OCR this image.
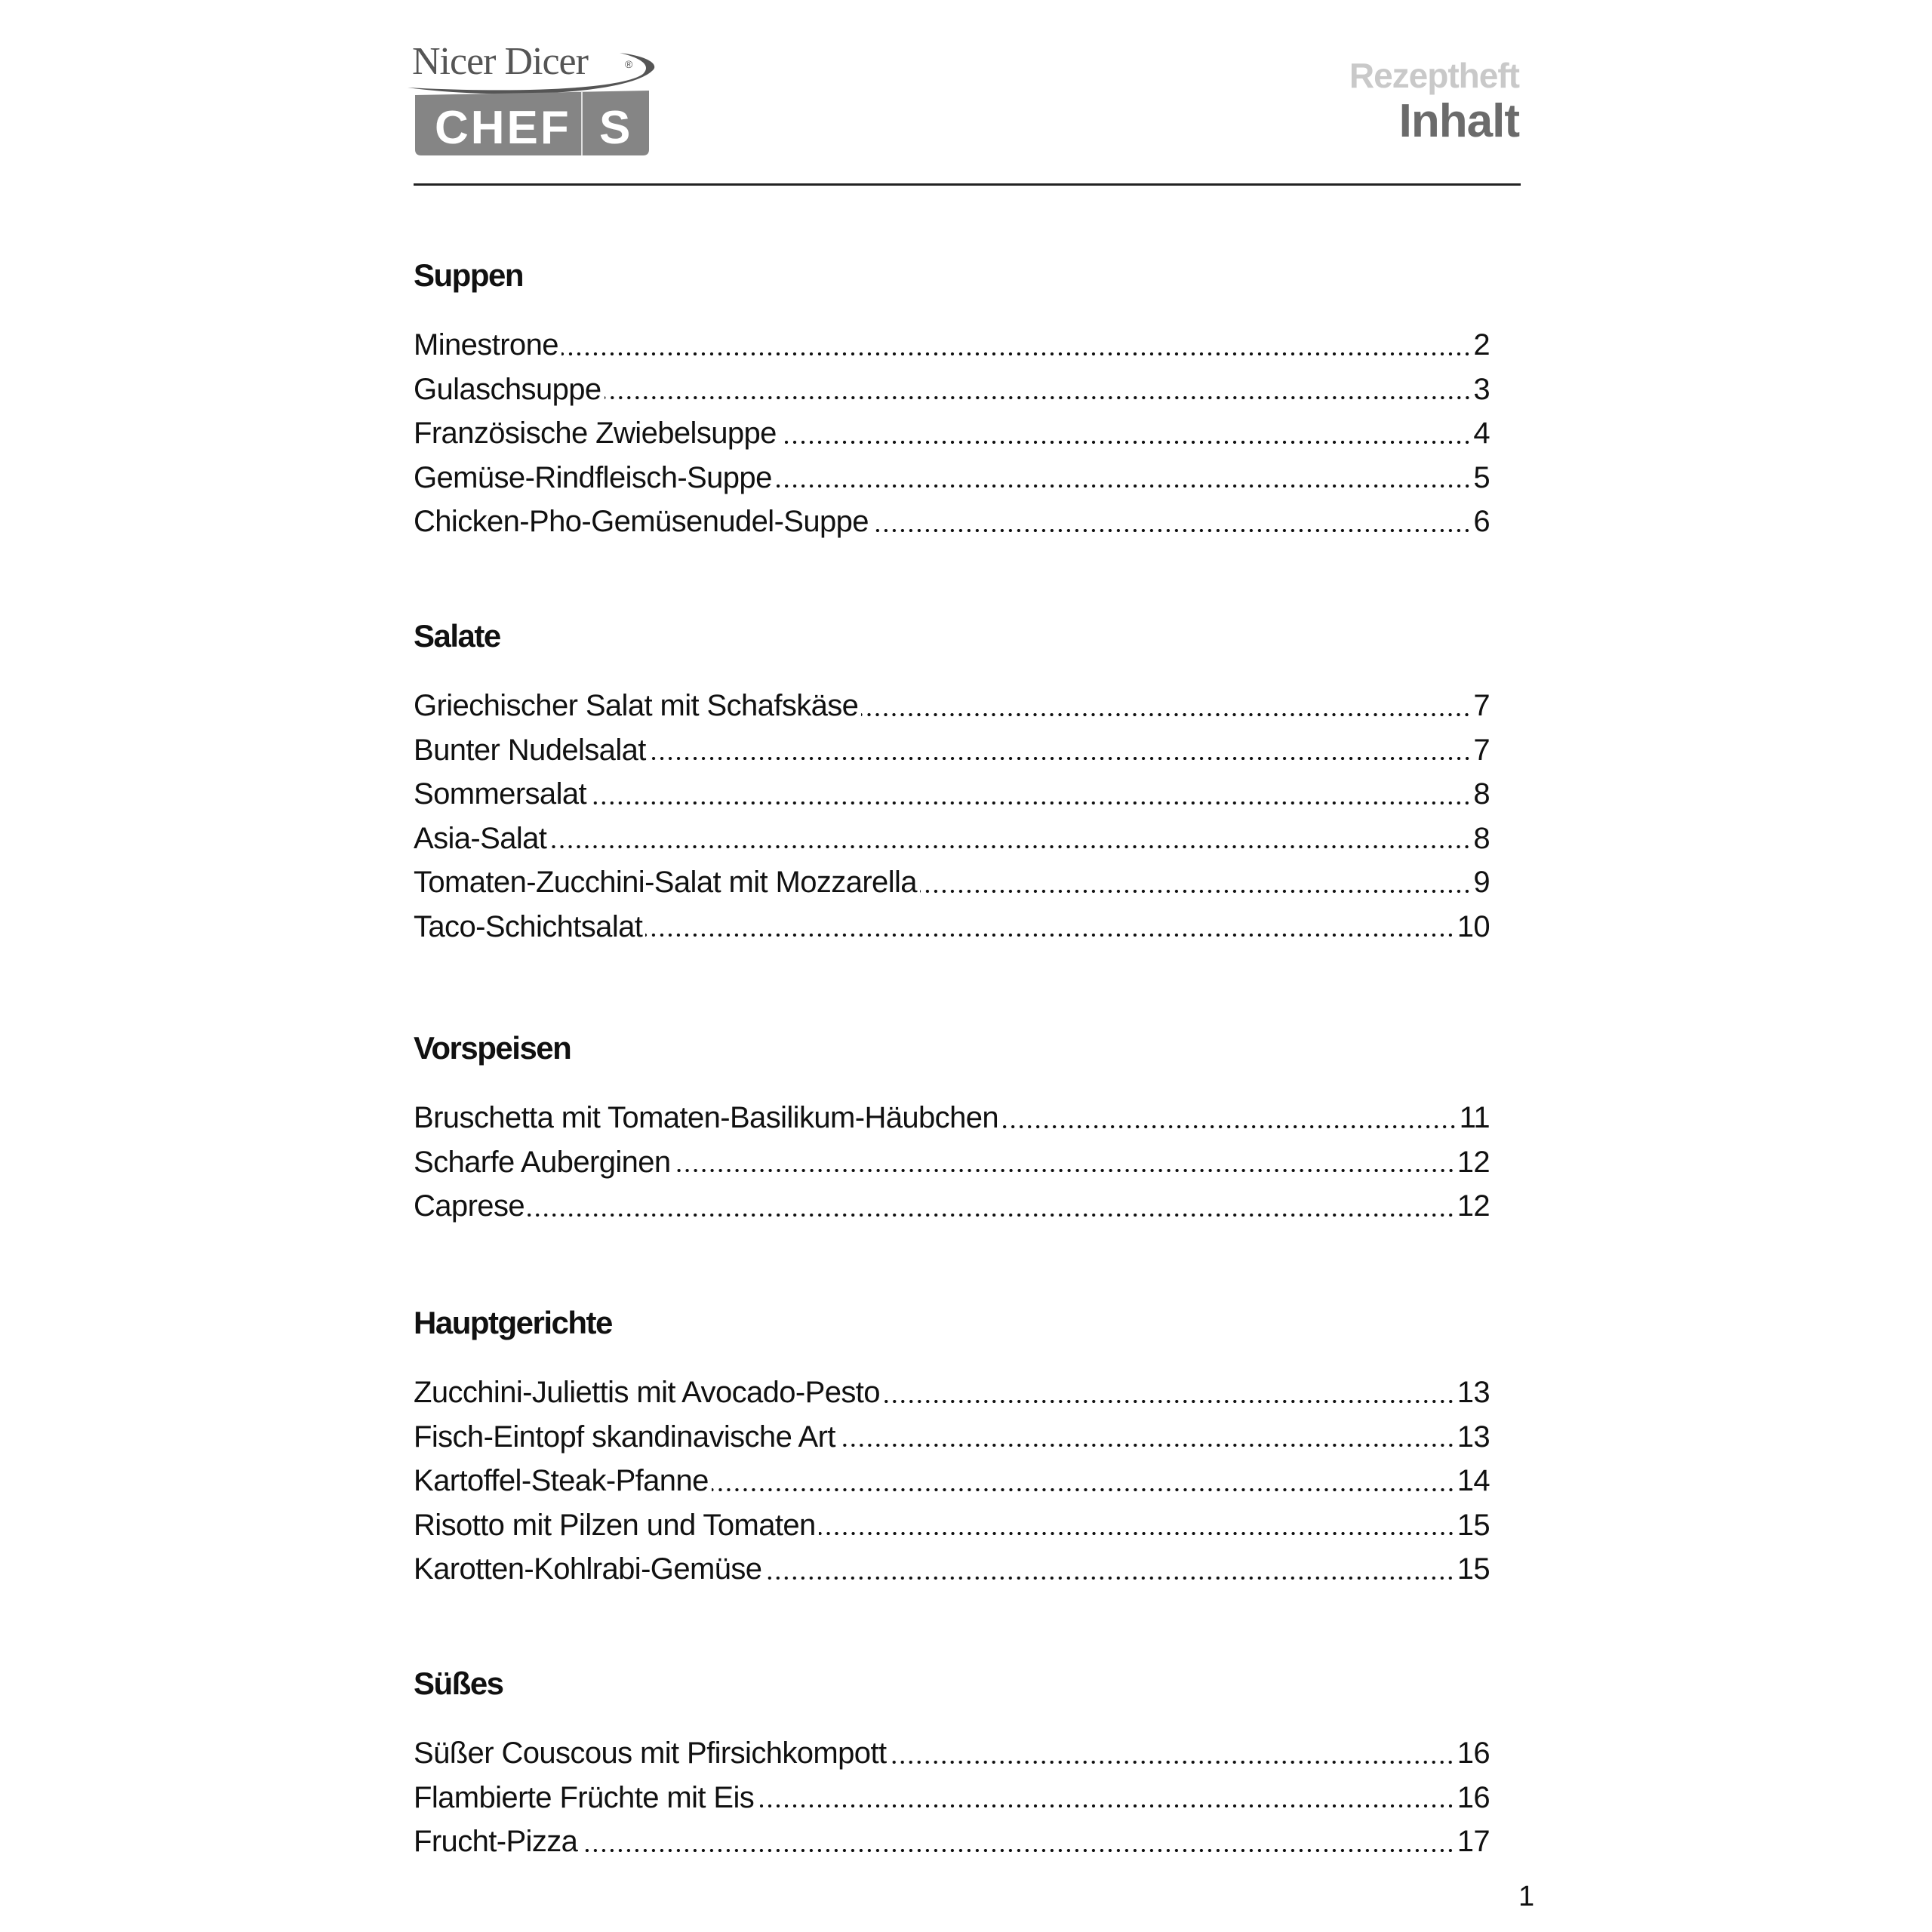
Nicer Dicer	®
CHEF S
Rezeptheft
Inhalt
Suppen
Minestrone	2
Gulaschsuppe	3
Französische Zwiebelsuppe	4
Gemüse-Rindfleisch-Suppe	5
Chicken-Pho-Gemüsenudel-Suppe	6
Salate
Griechischer Salat mit Schafskäse	7
Bunter Nudelsalat	7
Sommersalat	8
Asia-Salat	8
Tomaten-Zucchini-Salat mit Mozzarella	9
Taco-Schichtsalat	10
Vorspeisen
Bruschetta mit Tomaten-Basilikum-Häubchen	11
Scharfe Auberginen	12
Caprese	12
Hauptgerichte
Zucchini-Juliettis mit Avocado-Pesto	13
Fisch-Eintopf skandinavische Art	13
Kartoffel-Steak-Pfanne	14
Risotto mit Pilzen und Tomaten	15
Karotten-Kohlrabi-Gemüse	15
Süßes
Süßer Couscous mit Pfirsichkompott	16
Flambierte Früchte mit Eis	16
Frucht-Pizza	17
1
